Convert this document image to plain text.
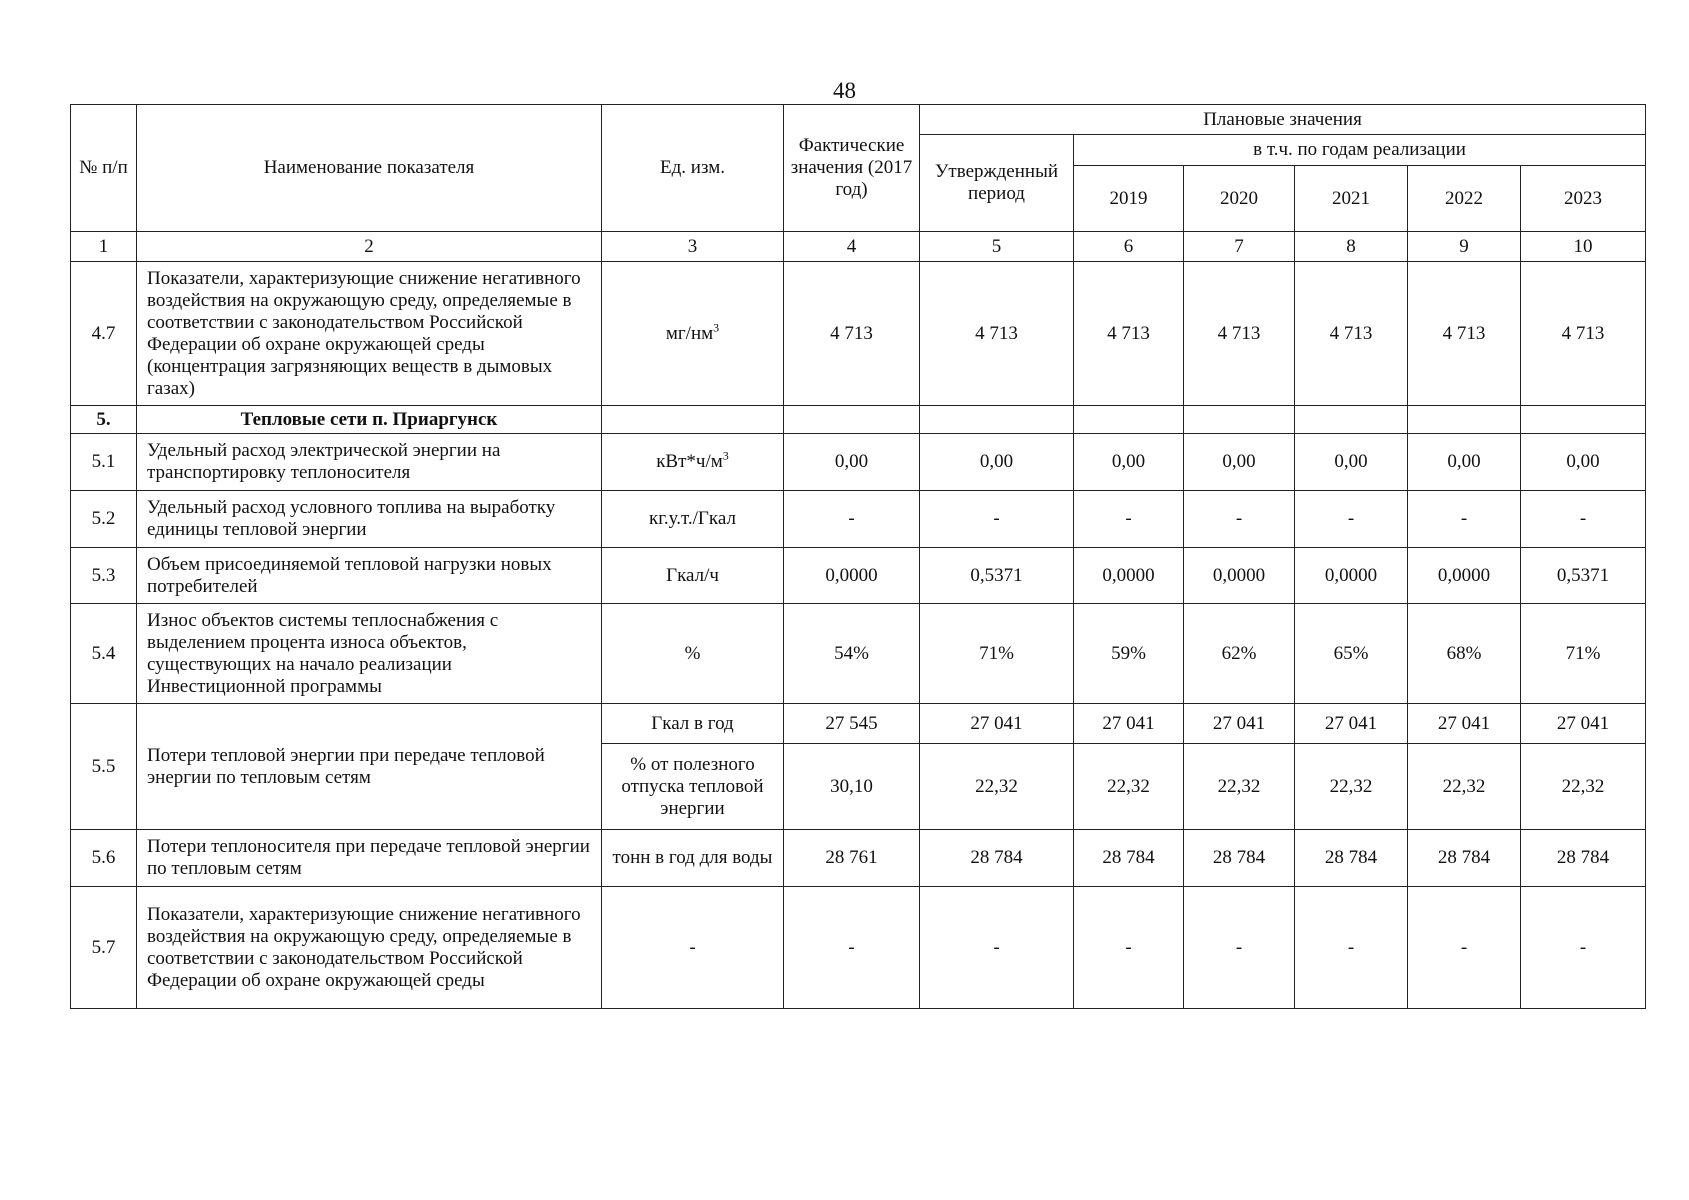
48
№ п/п	Наименование показателя	Ед. изм.	Фактические значения (2017 год)	Плановые значения					
				Утвержденный период	в т.ч. по годам реализации				
					2019	2020	2021	2022	2023
1	2	3	4	5	6	7	8	9	10
4.7	Показатели, характеризующие снижение негативного воздействия на окружающую среду, определяемые в соответствии с законодательством Российской Федерации об охране окружающей среды (концентрация загрязняющих веществ в дымовых газах)	$мг/нм^3$	4 713	4 713	4 713	4 713	4 713	4 713	4 713
5.	Тепловые сети п. Приаргунск								
5.1	Удельный расход электрической энергии на транспортировку теплоносителя	$кВт*ч/м^3$	0,00	0,00	0,00	0,00	0,00	0,00	0,00
5.2	Удельный расход условного топлива на выработку единицы тепловой энергии	кг.у.т./Гкал	-	-	-	-	-	-	-
5.3	Объем присоединяемой тепловой нагрузки новых потребителей	Гкал/ч	0,0000	0,5371	0,0000	0,0000	0,0000	0,0000	0,5371
5.4	Износ объектов системы теплоснабжения с выделением процента износа объектов, существующих на начало реализации Инвестиционной программы	%	54%	71%	59%	62%	65%	68%	71%
5.5	Потери тепловой энергии при передаче тепловой энергии по тепловым сетям	Гкал в год	27 545	27 041	27 041	27 041	27 041	27 041	27 041
		% от полезного отпуска тепловой энергии	30,10	22,32	22,32	22,32	22,32	22,32	22,32
5.6	Потери теплоносителя при передаче тепловой энергии по тепловым сетям	тонн в год для воды	28 761	28 784	28 784	28 784	28 784	28 784	28 784
5.7	Показатели, характеризующие снижение негативного воздействия на окружающую среду, определяемые в соответствии с законодательством Российской Федерации об охране окружающей среды	-	-	-	-	-	-	-	-
